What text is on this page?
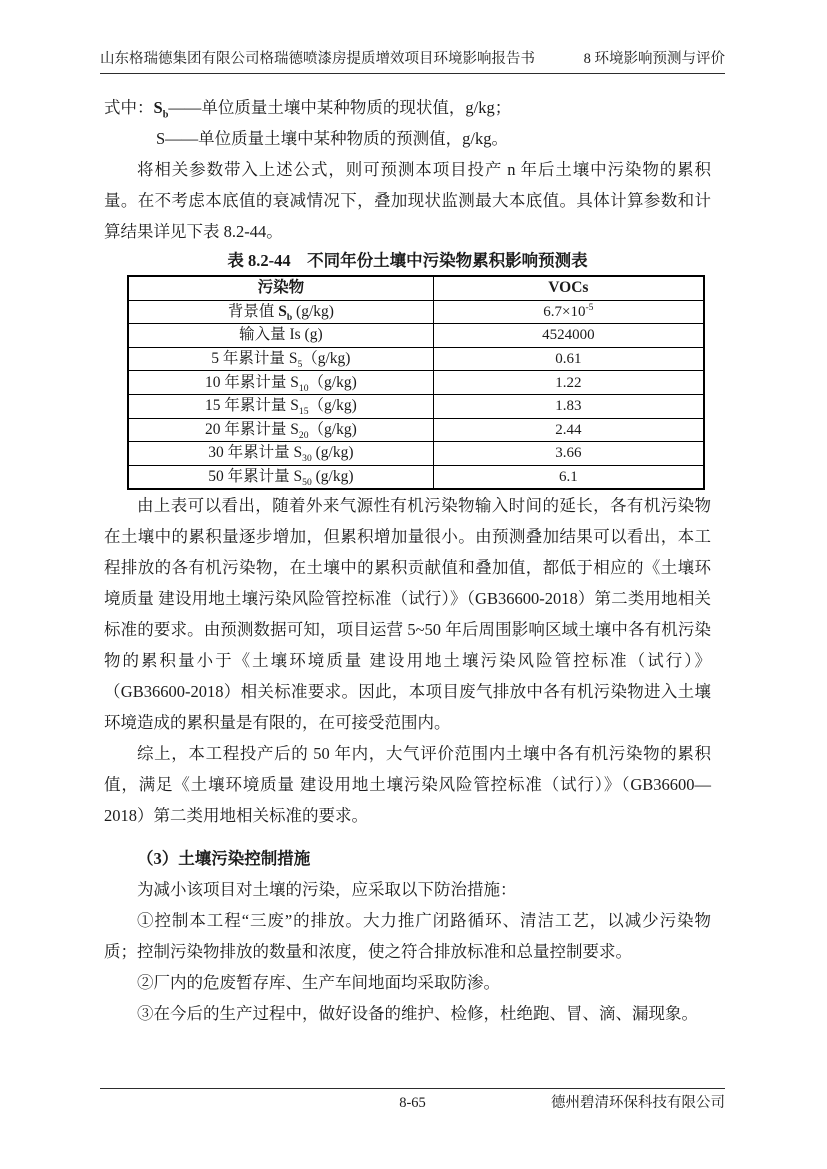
山东格瑞德集团有限公司格瑞德喷漆房提质增效项目环境影响报告书	8 环境影响预测与评价

式中：$S_b——$单位质量土壤中某种物质的现状值，g/kg；

S——单位质量土壤中某种物质的预测值，g/kg。

将相关参数带入上述公式，则可预测本项目投产 n 年后土壤中污染物的累积量。在不考虑本底值的衰减情况下，叠加现状监测最大本底值。具体计算参数和计算结果详见下表 8.2-44。

表 8.2-44　不同年份土壤中污染物累积影响预测表

污染物	VOCs
背景值 $S_b$ (g/kg)	$6.7\times 10^{-5}$
输入量 Is (g)	4524000
5 年累计量 $S_5(g/kg)$	0.61
10 年累计量 $S_{10}(g/kg)$	1.22
15 年累计量 $S_{15}(g/kg)$	1.83
20 年累计量 $S_{20}(g/kg)$	2.44
30 年累计量 $S_{30}$ (g/kg)	3.66
50 年累计量 $S_{50}$ (g/kg)	6.1

由上表可以看出，随着外来气源性有机污染物输入时间的延长，各有机污染物在土壤中的累积量逐步增加，但累积增加量很小。由预测叠加结果可以看出，本工程排放的各有机污染物，在土壤中的累积贡献值和叠加值，都低于相应的《土壤环境质量 建设用地土壤污染风险管控标准（试行）》（GB36600-2018）第二类用地相关标准的要求。由预测数据可知，项目运营 5~50 年后周围影响区域土壤中各有机污染物的累积量小于《土壤环境质量 建设用地土壤污染风险管控标准（试行）》（GB36600-2018）相关标准要求。因此，本项目废气排放中各有机污染物进入土壤环境造成的累积量是有限的，在可接受范围内。

综上，本工程投产后的 50 年内，大气评价范围内土壤中各有机污染物的累积值，满足《土壤环境质量 建设用地土壤污染风险管控标准（试行）》（GB36600—2018）第二类用地相关标准的要求。

（3）土壤污染控制措施

为减小该项目对土壤的污染，应采取以下防治措施：

①控制本工程“三废”的排放。大力推广闭路循环、清洁工艺，以减少污染物质；控制污染物排放的数量和浓度，使之符合排放标准和总量控制要求。

②厂内的危废暂存库、生产车间地面均采取防渗。

③在今后的生产过程中，做好设备的维护、检修，杜绝跑、冒、滴、漏现象。

8-65	德州碧清环保科技有限公司
